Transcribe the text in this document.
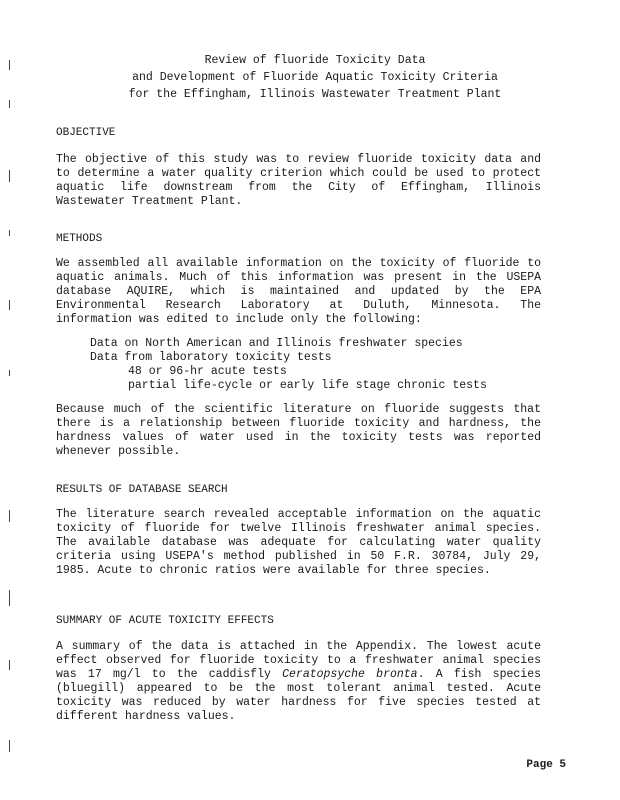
Review of fluoride Toxicity Data
and Development of Fluoride Aquatic Toxicity Criteria
for the Effingham, Illinois Wastewater Treatment Plant
OBJECTIVE
The objective of this study was to review fluoride toxicity data and to determine a water quality criterion which could be used to protect aquatic life downstream from the City of Effingham, Illinois Wastewater Treatment Plant.
METHODS
We assembled all available information on the toxicity of fluoride to aquatic animals. Much of this information was present in the USEPA database AQUIRE, which is maintained and updated by the EPA Environmental Research Laboratory at Duluth, Minnesota. The information was edited to include only the following:
Data on North American and Illinois freshwater species
Data from laboratory toxicity tests
48 or 96-hr acute tests
partial life-cycle or early life stage chronic tests
Because much of the scientific literature on fluoride suggests that there is a relationship between fluoride toxicity and hardness, the hardness values of water used in the toxicity tests was reported whenever possible.
RESULTS OF DATABASE SEARCH
The literature search revealed acceptable information on the aquatic toxicity of fluoride for twelve Illinois freshwater animal species. The available database was adequate for calculating water quality criteria using USEPA's method published in 50 F.R. 30784, July 29, 1985. Acute to chronic ratios were available for three species.
SUMMARY OF ACUTE TOXICITY EFFECTS
A summary of the data is attached in the Appendix. The lowest acute effect observed for fluoride toxicity to a freshwater animal species was 17 mg/l to the caddisfly Ceratopsyche bronta. A fish species (bluegill) appeared to be the most tolerant animal tested. Acute toxicity was reduced by water hardness for five species tested at different hardness values.
Page 5
